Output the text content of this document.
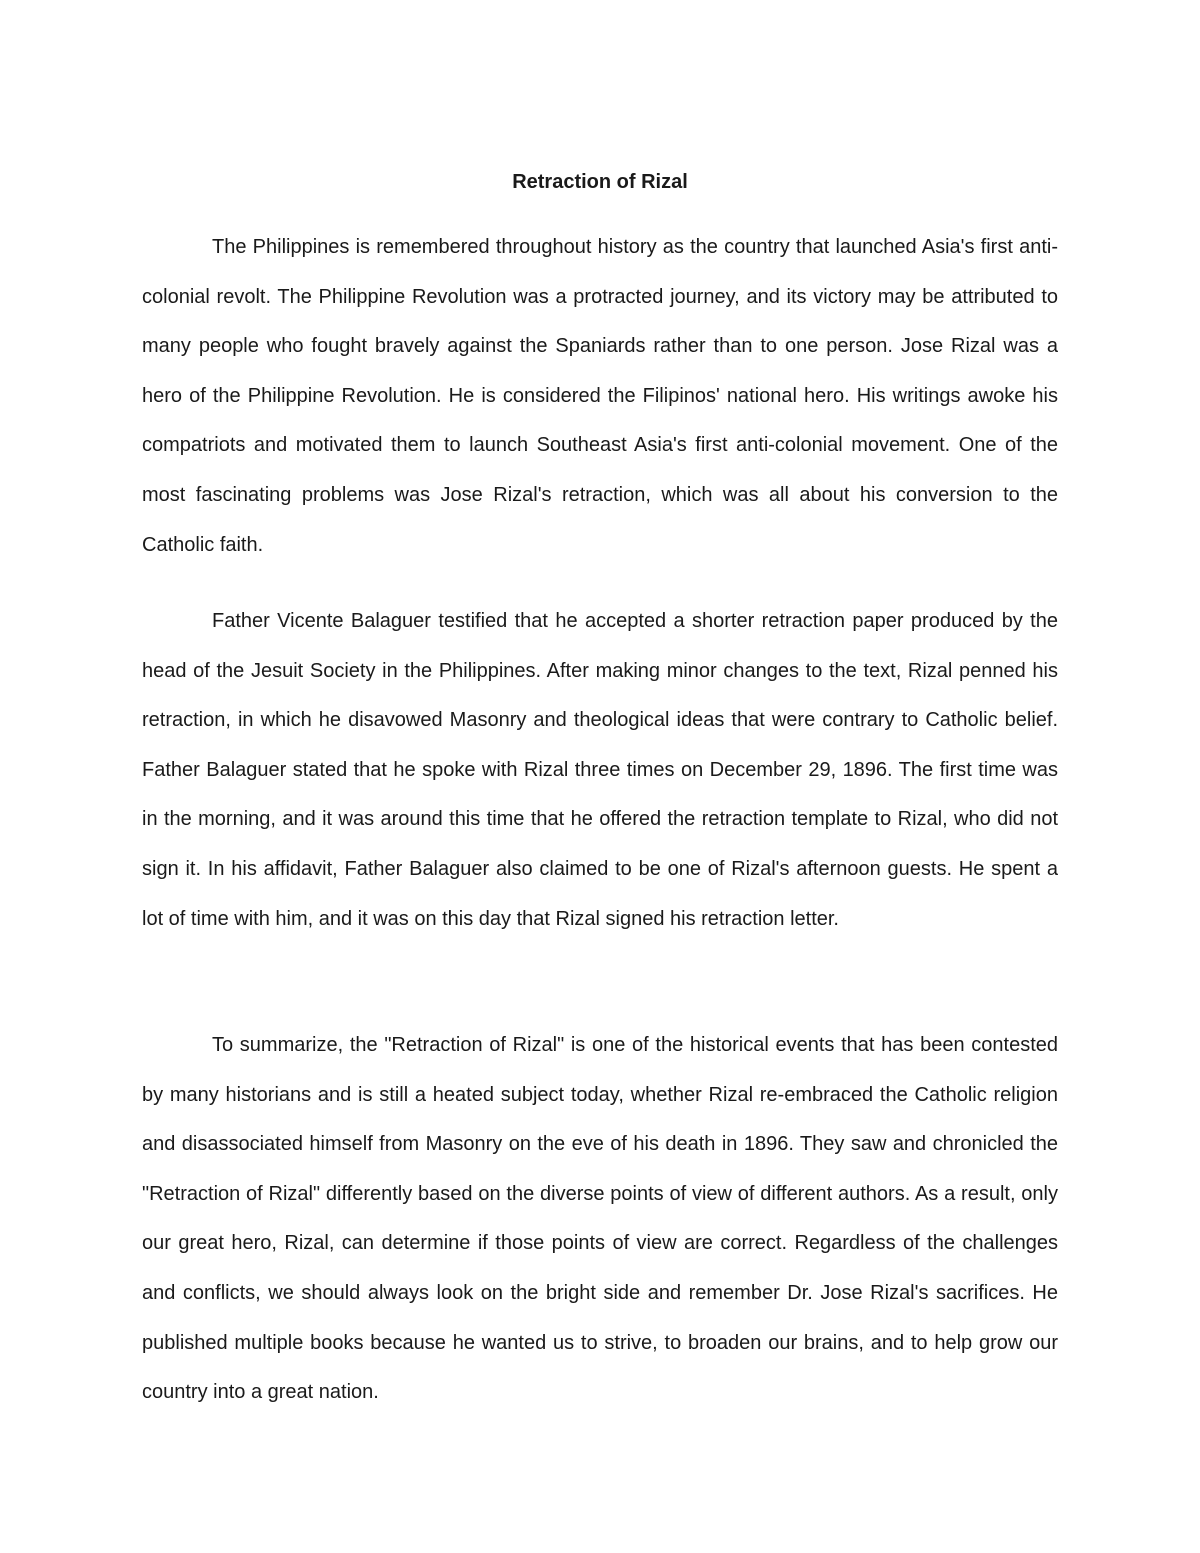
Retraction of Rizal

The Philippines is remembered throughout history as the country that launched Asia's first anti-colonial revolt. The Philippine Revolution was a protracted journey, and its victory may be attributed to many people who fought bravely against the Spaniards rather than to one person. Jose Rizal was a hero of the Philippine Revolution. He is considered the Filipinos' national hero. His writings awoke his compatriots and motivated them to launch Southeast Asia's first anti-colonial movement. One of the most fascinating problems was Jose Rizal's retraction, which was all about his conversion to the Catholic faith.

Father Vicente Balaguer testified that he accepted a shorter retraction paper produced by the head of the Jesuit Society in the Philippines. After making minor changes to the text, Rizal penned his retraction, in which he disavowed Masonry and theological ideas that were contrary to Catholic belief. Father Balaguer stated that he spoke with Rizal three times on December 29, 1896. The first time was in the morning, and it was around this time that he offered the retraction template to Rizal, who did not sign it. In his affidavit, Father Balaguer also claimed to be one of Rizal's afternoon guests. He spent a lot of time with him, and it was on this day that Rizal signed his retraction letter.

To summarize, the "Retraction of Rizal" is one of the historical events that has been contested by many historians and is still a heated subject today, whether Rizal re-embraced the Catholic religion and disassociated himself from Masonry on the eve of his death in 1896. They saw and chronicled the "Retraction of Rizal" differently based on the diverse points of view of different authors. As a result, only our great hero, Rizal, can determine if those points of view are correct. Regardless of the challenges and conflicts, we should always look on the bright side and remember Dr. Jose Rizal's sacrifices. He published multiple books because he wanted us to strive, to broaden our brains, and to help grow our country into a great nation.
